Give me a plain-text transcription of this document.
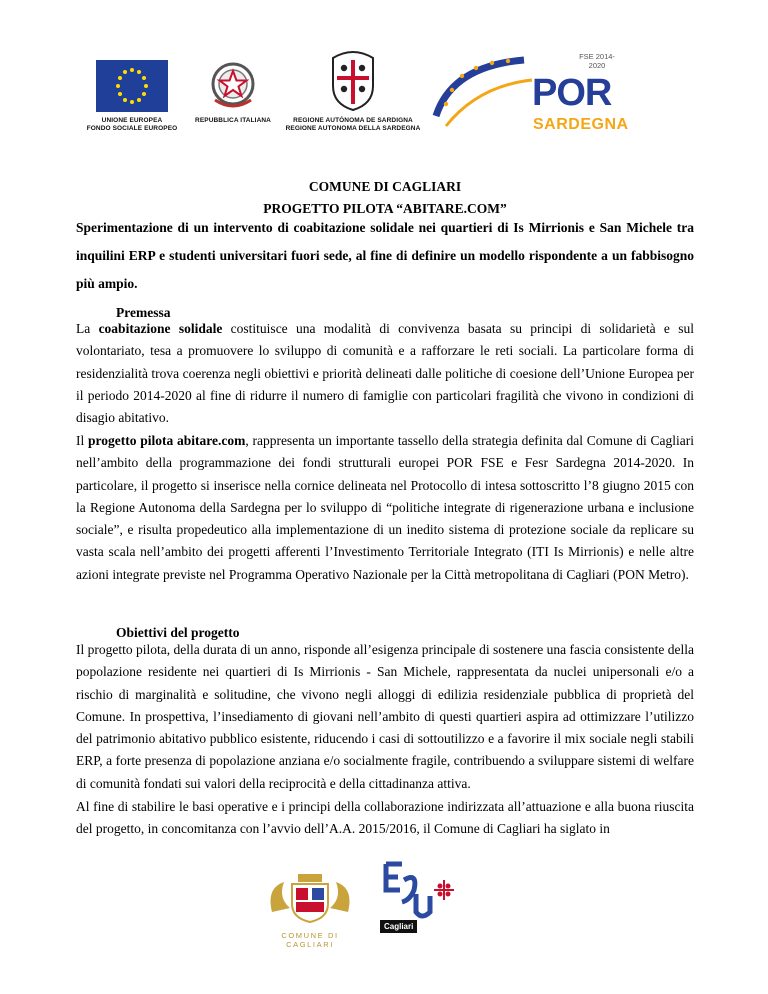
UNIONE EUROPEA
FONDO SOCIALE EUROPEO
REPUBBLICA ITALIANA	REGIONE AUTÒNOMA DE SARDIGNA
REGIONE AUTONOMA DELLA SARDEGNA
FSE 2014-2020
POR
SARDEGNA
COMUNE DI CAGLIARI
PROGETTO PILOTA “ABITARE.COM”
Sperimentazione di un intervento di coabitazione solidale nei quartieri di Is Mirrionis e San Michele tra inquilini ERP e studenti universitari fuori sede, al fine di definire un modello rispondente a un fabbisogno più ampio.
Premessa
La coabitazione solidale costituisce una modalità di convivenza basata su principi di solidarietà e sul volontariato, tesa a promuovere lo sviluppo di comunità e a rafforzare le reti sociali. La particolare forma di residenzialità trova coerenza negli obiettivi e priorità delineati dalle politiche di coesione dell’Unione Europea per il periodo 2014-2020 al fine di ridurre il numero di famiglie con particolari fragilità che vivono in condizioni di disagio abitativo.
Il progetto pilota abitare.com, rappresenta un importante tassello della strategia definita dal Comune di Cagliari nell’ambito della programmazione dei fondi strutturali europei POR FSE e Fesr Sardegna 2014-2020. In particolare, il progetto si inserisce nella cornice delineata nel Protocollo di intesa sottoscritto l’8 giugno 2015 con la Regione Autonoma della Sardegna per lo sviluppo di “politiche integrate di rigenerazione urbana e inclusione sociale”, e risulta propedeutico alla implementazione di un inedito sistema di protezione sociale da replicare su vasta scala nell’ambito dei progetti afferenti l’Investimento Territoriale Integrato (ITI Is Mirrionis) e nelle altre azioni integrate previste nel Programma Operativo Nazionale per la Città metropolitana di Cagliari (PON Metro).
Obiettivi del progetto
Il progetto pilota, della durata di un anno, risponde all’esigenza principale di sostenere una fascia consistente della popolazione residente nei quartieri di Is Mirrionis - San Michele, rappresentata da nuclei unipersonali e/o a rischio di marginalità e solitudine, che vivono negli alloggi di edilizia residenziale pubblica di proprietà del Comune. In prospettiva, l’insediamento di giovani nell’ambito di questi quartieri aspira ad ottimizzare l’utilizzo del patrimonio abitativo pubblico esistente, riducendo i casi di sottoutilizzo e a favorire il mix sociale negli stabili ERP, a forte presenza di popolazione anziana e/o socialmente fragile, contribuendo a sviluppare sistemi di welfare di comunità fondati sui valori della reciprocità e della cittadinanza attiva.
Al fine di stabilire le basi operative e i principi della collaborazione indirizzata all’attuazione e alla buona riuscita del progetto, in concomitanza con l’avvio dell’A.A. 2015/2016, il Comune di Cagliari ha siglato in
COMUNE DI CAGLIARI
Cagliari
